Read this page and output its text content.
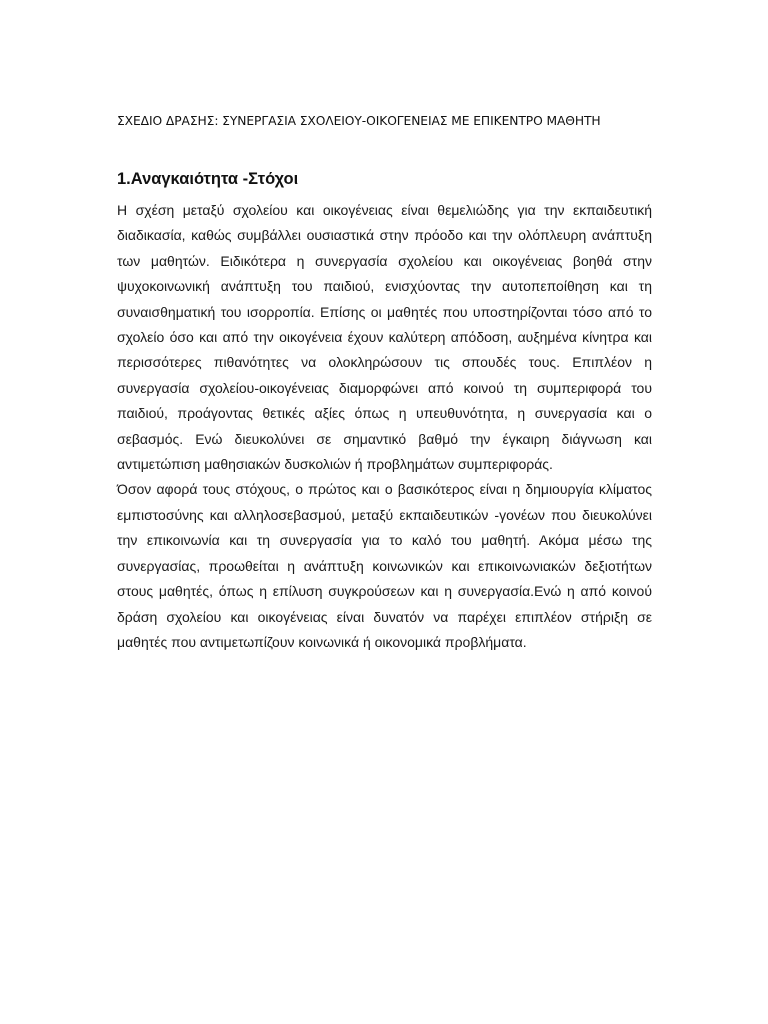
ΣΧΕΔΙΟ ΔΡΑΣΗΣ: ΣΥΝΕΡΓΑΣΙΑ ΣΧΟΛΕΙΟΥ-ΟΙΚΟΓΕΝΕΙΑΣ ΜΕ ΕΠΙΚΕΝΤΡΟ ΜΑΘΗΤΗ
1.Αναγκαιότητα -Στόχοι

Η σχέση μεταξύ σχολείου και οικογένειας είναι θεμελιώδης για την εκπαιδευτική διαδικασία, καθώς συμβάλλει ουσιαστικά στην πρόοδο και την ολόπλευρη ανάπτυξη των μαθητών. Ειδικότερα η συνεργασία σχολείου και οικογένειας βοηθά στην ψυχοκοινωνική ανάπτυξη του παιδιού, ενισχύοντας την αυτοπεποίθηση και τη συναισθηματική του ισορροπία. Επίσης οι μαθητές που υποστηρίζονται τόσο από το σχολείο όσο και από την οικογένεια έχουν καλύτερη απόδοση, αυξημένα κίνητρα και περισσότερες πιθανότητες να ολοκληρώσουν τις σπουδές τους. Επιπλέον η συνεργασία σχολείου-οικογένειας διαμορφώνει από κοινού τη συμπεριφορά του παιδιού, προάγοντας θετικές αξίες όπως η υπευθυνότητα, η συνεργασία και ο σεβασμός. Ενώ διευκολύνει σε σημαντικό βαθμό την έγκαιρη διάγνωση και αντιμετώπιση μαθησιακών δυσκολιών ή προβλημάτων συμπεριφοράς.

Όσον αφορά τους στόχους, ο πρώτος και ο βασικότερος είναι η δημιουργία κλίματος εμπιστοσύνης και αλληλοσεβασμού, μεταξύ εκπαιδευτικών -γονέων που διευκολύνει την επικοινωνία και τη συνεργασία για το καλό του μαθητή. Ακόμα μέσω της συνεργασίας, προωθείται η ανάπτυξη κοινωνικών και επικοινωνιακών δεξιοτήτων στους μαθητές, όπως η επίλυση συγκρούσεων και η συνεργασία.Ενώ η από κοινού δράση σχολείου και οικογένειας είναι δυνατόν να παρέχει επιπλέον στήριξη σε μαθητές που αντιμετωπίζουν κοινωνικά ή οικονομικά προβλήματα.
